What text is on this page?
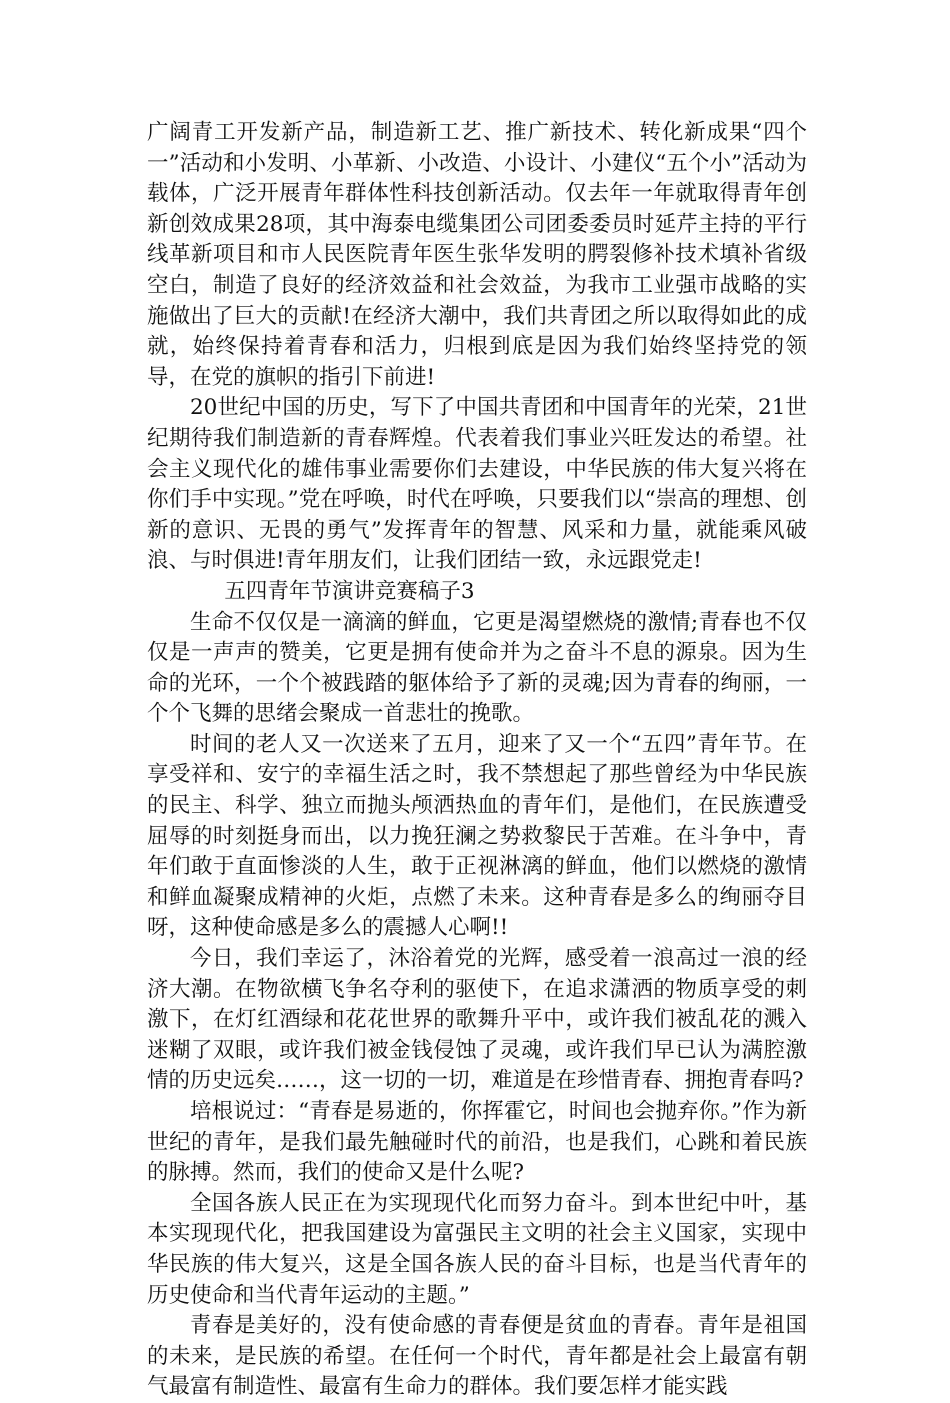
广阔青工开发新产品，制造新工艺、推广新技术、转化新成果“四个一”活动和小发明、小革新、小改造、小设计、小建仪“五个小”活动为载体，广泛开展青年群体性科技创新活动。仅去年一年就取得青年创新创效成果28项，其中海泰电缆集团公司团委委员时延芹主持的平行线革新项目和市人民医院青年医生张华发明的腭裂修补技术填补省级空白，制造了良好的经济效益和社会效益，为我市工业强市战略的实施做出了巨大的贡献!在经济大潮中，我们共青团之所以取得如此的成就，始终保持着青春和活力，归根到底是因为我们始终坚持党的领导，在党的旗帜的指引下前进!

20世纪中国的历史，写下了中国共青团和中国青年的光荣，21世纪期待我们制造新的青春辉煌。代表着我们事业兴旺发达的希望。社会主义现代化的雄伟事业需要你们去建设，中华民族的伟大复兴将在你们手中实现。”党在呼唤，时代在呼唤，只要我们以“崇高的理想、创新的意识、无畏的勇气”发挥青年的智慧、风采和力量，就能乘风破浪、与时俱进!青年朋友们，让我们团结一致，永远跟党走!

五四青年节演讲竞赛稿子3

生命不仅仅是一滴滴的鲜血，它更是渴望燃烧的激情;青春也不仅仅是一声声的赞美，它更是拥有使命并为之奋斗不息的源泉。因为生命的光环，一个个被践踏的躯体给予了新的灵魂;因为青春的绚丽，一个个飞舞的思绪会聚成一首悲壮的挽歌。

时间的老人又一次送来了五月，迎来了又一个“五四”青年节。在享受祥和、安宁的幸福生活之时，我不禁想起了那些曾经为中华民族的民主、科学、独立而抛头颅洒热血的青年们，是他们，在民族遭受屈辱的时刻挺身而出，以力挽狂澜之势救黎民于苦难。在斗争中，青年们敢于直面惨淡的人生，敢于正视淋漓的鲜血，他们以燃烧的激情和鲜血凝聚成精神的火炬，点燃了未来。这种青春是多么的绚丽夺目呀，这种使命感是多么的震撼人心啊!!

今日，我们幸运了，沐浴着党的光辉，感受着一浪高过一浪的经济大潮。在物欲横飞争名夺利的驱使下，在追求潇洒的物质享受的刺激下，在灯红酒绿和花花世界的歌舞升平中，或许我们被乱花的溅入迷糊了双眼，或许我们被金钱侵蚀了灵魂，或许我们早已认为满腔激情的历史远矣……，这一切的一切，难道是在珍惜青春、拥抱青春吗?

培根说过：“青春是易逝的，你挥霍它，时间也会抛弃你。”作为新世纪的青年，是我们最先触碰时代的前沿，也是我们，心跳和着民族的脉搏。然而，我们的使命又是什么呢?

全国各族人民正在为实现现代化而努力奋斗。到本世纪中叶，基本实现现代化，把我国建设为富强民主文明的社会主义国家，实现中华民族的伟大复兴，这是全国各族人民的奋斗目标，也是当代青年的历史使命和当代青年运动的主题。”

青春是美好的，没有使命感的青春便是贫血的青春。青年是祖国的未来，是民族的希望。在任何一个时代，青年都是社会上最富有朝气最富有制造性、最富有生命力的群体。我们要怎样才能实践
